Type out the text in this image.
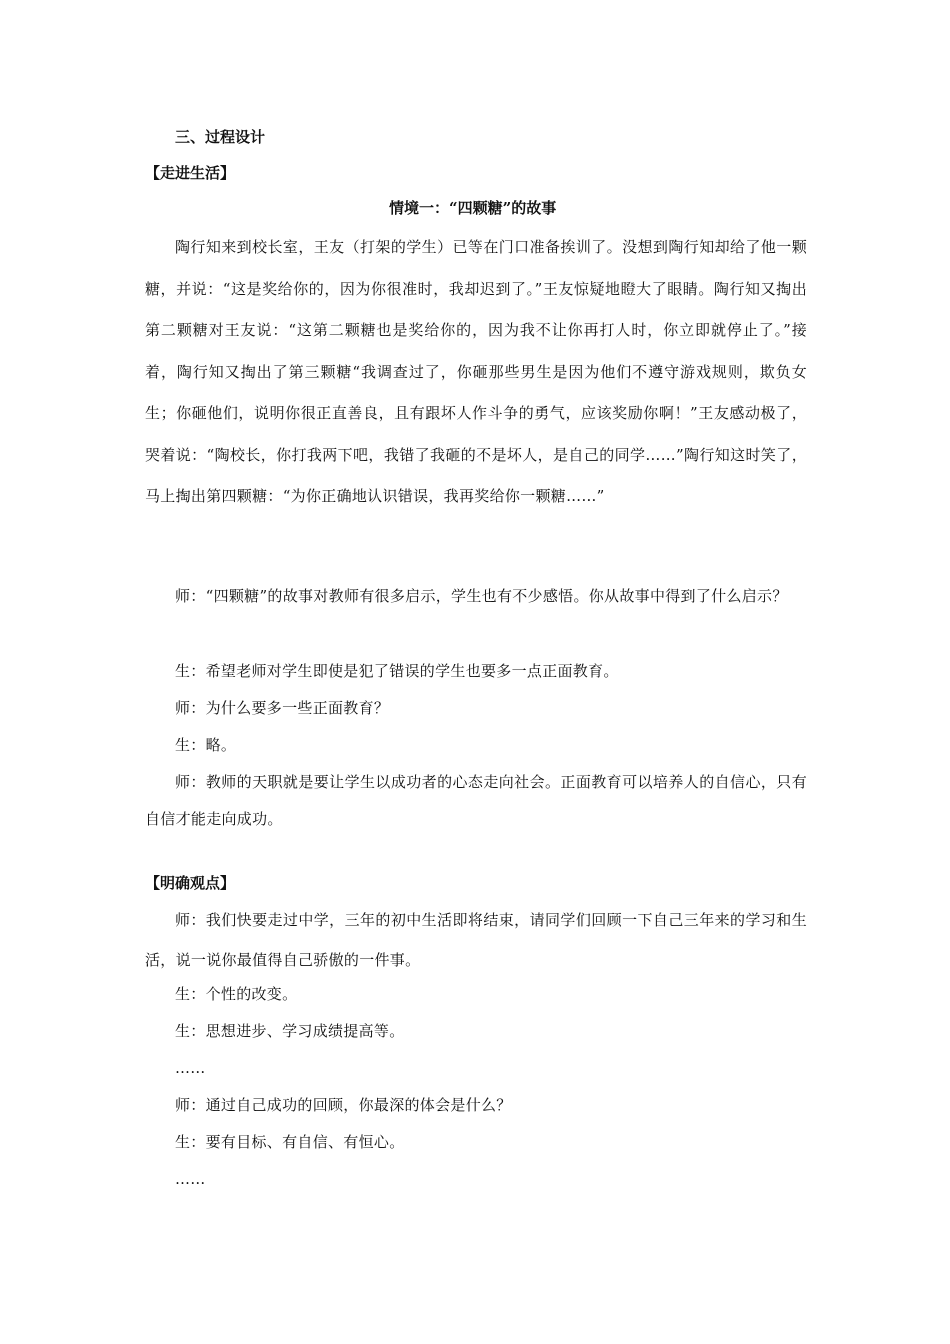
三、过程设计
【走进生活】
情境一：“四颗糖”的故事
陶行知来到校长室，王友（打架的学生）已等在门口准备挨训了。没想到陶行知却给了他一颗糖，并说：“这是奖给你的，因为你很准时，我却迟到了。”王友惊疑地瞪大了眼睛。陶行知又掏出第二颗糖对王友说：“这第二颗糖也是奖给你的，因为我不让你再打人时，你立即就停止了。”接着，陶行知又掏出了第三颗糖“我调查过了，你砸那些男生是因为他们不遵守游戏规则，欺负女生；你砸他们，说明你很正直善良，且有跟坏人作斗争的勇气，应该奖励你啊！”王友感动极了，哭着说：“陶校长，你打我两下吧，我错了我砸的不是坏人，是自己的同学……”陶行知这时笑了，马上掏出第四颗糖：“为你正确地认识错误，我再奖给你一颗糖……”
师：“四颗糖”的故事对教师有很多启示，学生也有不少感悟。你从故事中得到了什么启示？
生：希望老师对学生即使是犯了错误的学生也要多一点正面教育。
师：为什么要多一些正面教育？
生：略。
师：教师的天职就是要让学生以成功者的心态走向社会。正面教育可以培养人的自信心，只有自信才能走向成功。
【明确观点】
师：我们快要走过中学，三年的初中生活即将结束，请同学们回顾一下自己三年来的学习和生活，说一说你最值得自己骄傲的一件事。
生：个性的改变。
生：思想进步、学习成绩提高等。
……
师：通过自己成功的回顾，你最深的体会是什么？
生：要有目标、有自信、有恒心。
……
